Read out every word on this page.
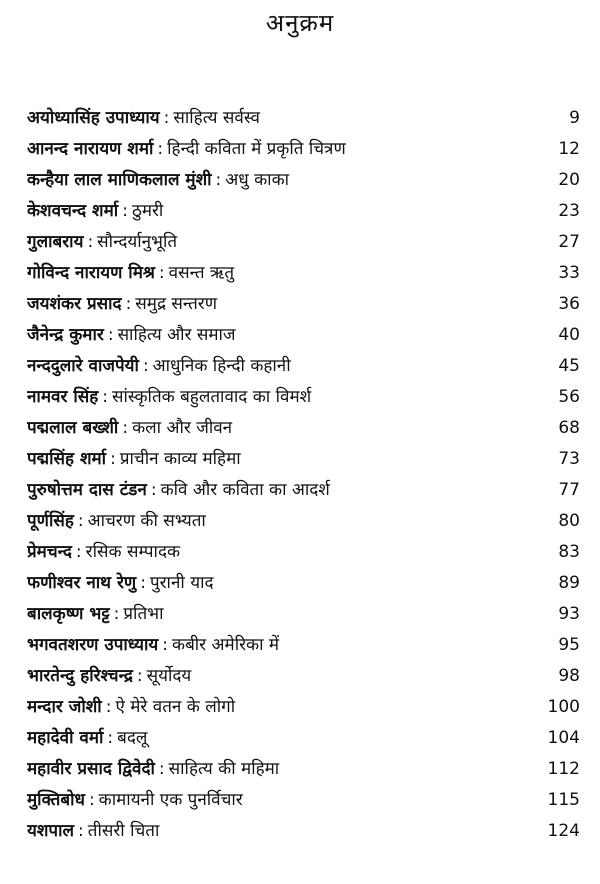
अनुक्रम
अयोध्यासिंह उपाध्याय : साहित्य सर्वस्व	9
आनन्द नारायण शर्मा : हिन्दी कविता में प्रकृति चित्रण	12
कन्हैया लाल माणिकलाल मुंशी : अधु काका	20
केशवचन्द शर्मा : ठुमरी	23
गुलाबराय : सौन्दर्यानुभूति	27
गोविन्द नारायण मिश्र : वसन्त ऋतु	33
जयशंकर प्रसाद : समुद्र सन्तरण	36
जैनेन्द्र कुमार : साहित्य और समाज	40
नन्ददुलारे वाजपेयी : आधुनिक हिन्दी कहानी	45
नामवर सिंह : सांस्कृतिक बहुलतावाद का विमर्श	56
पद्मलाल बख्शी : कला और जीवन	68
पद्मसिंह शर्मा : प्राचीन काव्य महिमा	73
पुरुषोत्तम दास टंडन : कवि और कविता का आदर्श	77
पूर्णसिंह : आचरण की सभ्यता	80
प्रेमचन्द : रसिक सम्पादक	83
फणीश्वर नाथ रेणु : पुरानी याद	89
बालकृष्ण भट्ट : प्रतिभा	93
भगवतशरण उपाध्याय : कबीर अमेरिका में	95
भारतेन्दु हरिश्चन्द्र : सूर्योदय	98
मन्दार जोशी : ऐ मेरे वतन के लोगो	100
महादेवी वर्मा : बदलू	104
महावीर प्रसाद द्विवेदी : साहित्य की महिमा	112
मुक्तिबोध : कामायनी एक पुनर्विचार	115
यशपाल : तीसरी चिता	124
